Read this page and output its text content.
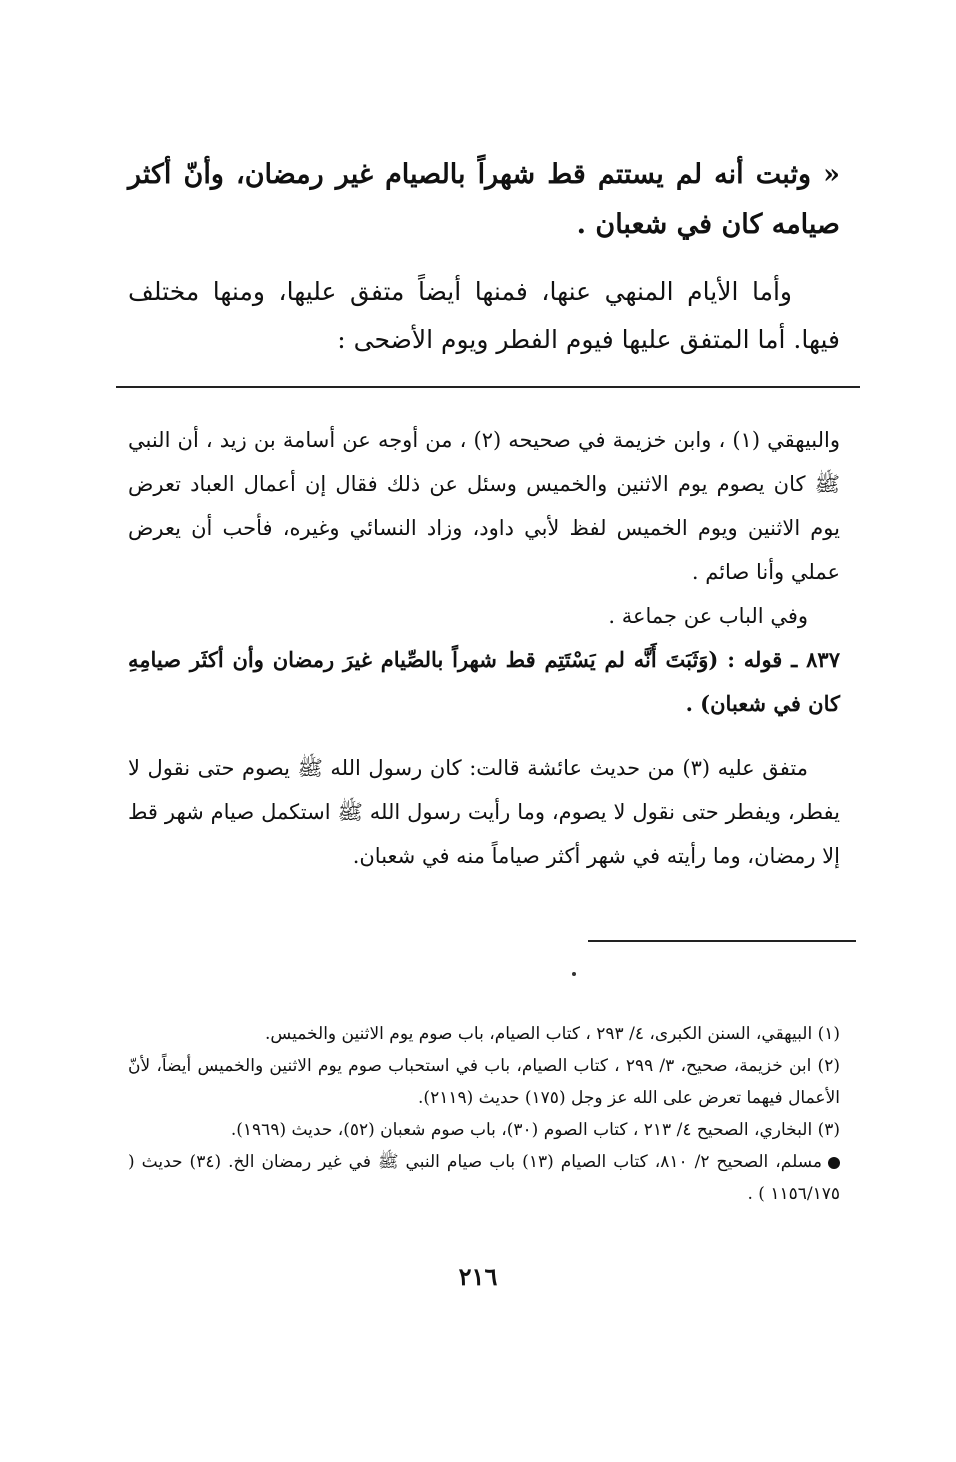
« وثبت أنه لم يستتم قط شهراً بالصيام غير رمضان، وأنّ أكثر صيامه كان في شعبان .
وأما الأيام المنهي عنها، فمنها أيضاً متفق عليها، ومنها مختلف فيها. أما المتفق عليها فيوم الفطر ويوم الأضحى :

والبيهقي (١) ، وابن خزيمة في صحيحه (٢) ، من أوجه عن أسامة بن زيد ، أن النبي ﷺ كان يصوم يوم الاثنين والخميس وسئل عن ذلك فقال إن أعمال العباد تعرض يوم الاثنين ويوم الخميس لفظ لأبي داود، وزاد النسائي وغيره، فأحب أن يعرض عملي وأنا صائم .

وفي الباب عن جماعة .

٨٣٧ ـ قوله : (وَثَبَتَ أَنَّه لم يَسْتَتِم قط شهراً بالصِّيام غيرَ رمضان وأن أكثَر صيامِهِ كان في شعبان) .

متفق عليه (٣) من حديث عائشة قالت: كان رسول الله ﷺ يصوم حتى نقول لا يفطر، ويفطر حتى نقول لا يصوم، وما رأيت رسول الله ﷺ استكمل صيام شهر قط إلا رمضان، وما رأيته في شهر أكثر صياماً منه في شعبان.

(١) البيهقي، السنن الكبرى، ٤/ ٢٩٣ ، كتاب الصيام، باب صوم يوم الاثنين والخميس.

(٢) ابن خزيمة، صحيح، ٣/ ٢٩٩ ، كتاب الصيام، باب في استحباب صوم يوم الاثنين والخميس أيضاً، لأنّ الأعمال فيهما تعرض على الله عز وجل (١٧٥) حديث (٢١١٩).

(٣) البخاري، الصحيح ٤/ ٢١٣ ، كتاب الصوم (٣٠)، باب صوم شعبان (٥٢)، حديث (١٩٦٩).

مسلم، الصحيح ٢/ ٨١٠، كتاب الصيام (١٣) باب صيام النبي ﷺ في غير رمضان الخ. (٣٤) حديث ( ١١٥٦/١٧٥ ) .

٢١٦
